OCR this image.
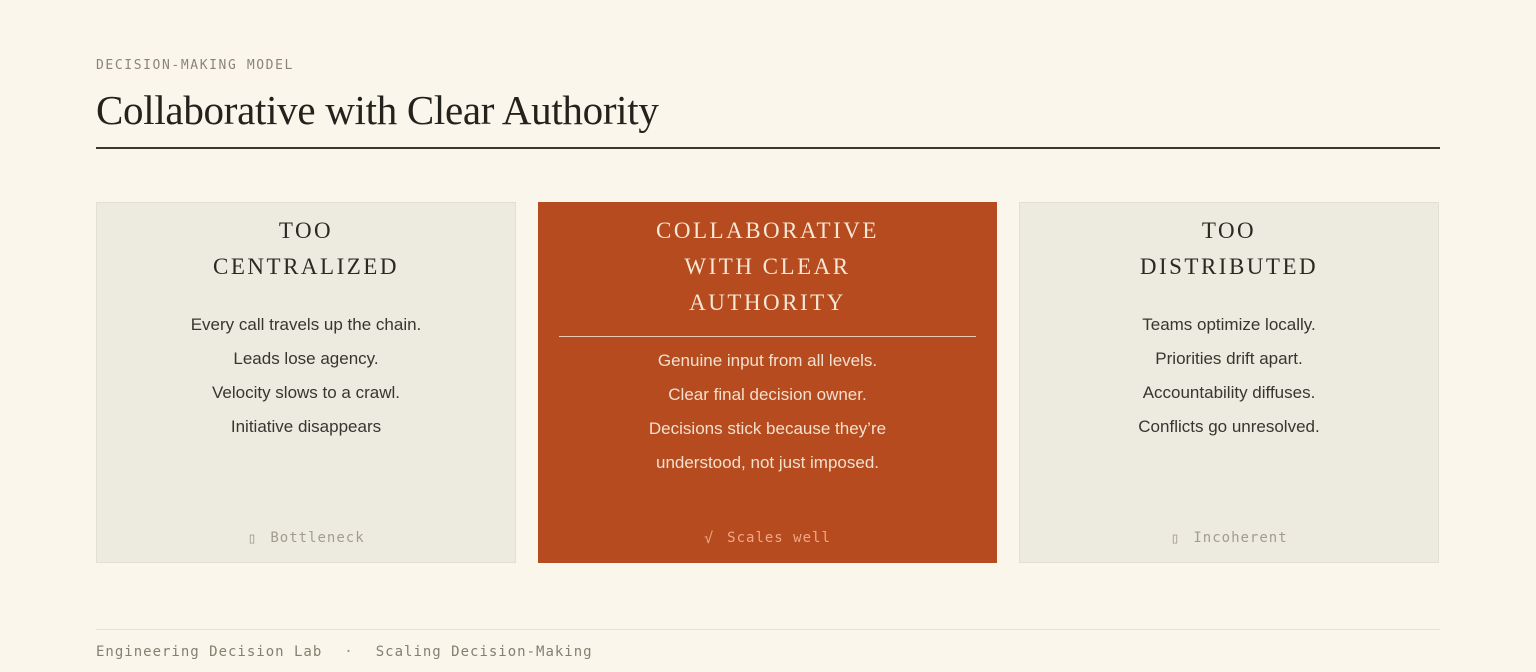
DECISION-MAKING MODEL
Collaborative with Clear Authority
TOO
CENTRALIZED
Every call travels up the chain.
Leads lose agency.
Velocity slows to a crawl.
Initiative disappears
▯ Bottleneck
COLLABORATIVE
WITH CLEAR
AUTHORITY
Genuine input from all levels.
Clear final decision owner.
Decisions stick because they’re
understood, not just imposed.
√ Scales well
TOO
DISTRIBUTED
Teams optimize locally.
Priorities drift apart.
Accountability diffuses.
Conflicts go unresolved.
▯ Incoherent
Engineering Decision Lab · Scaling Decision-Making
